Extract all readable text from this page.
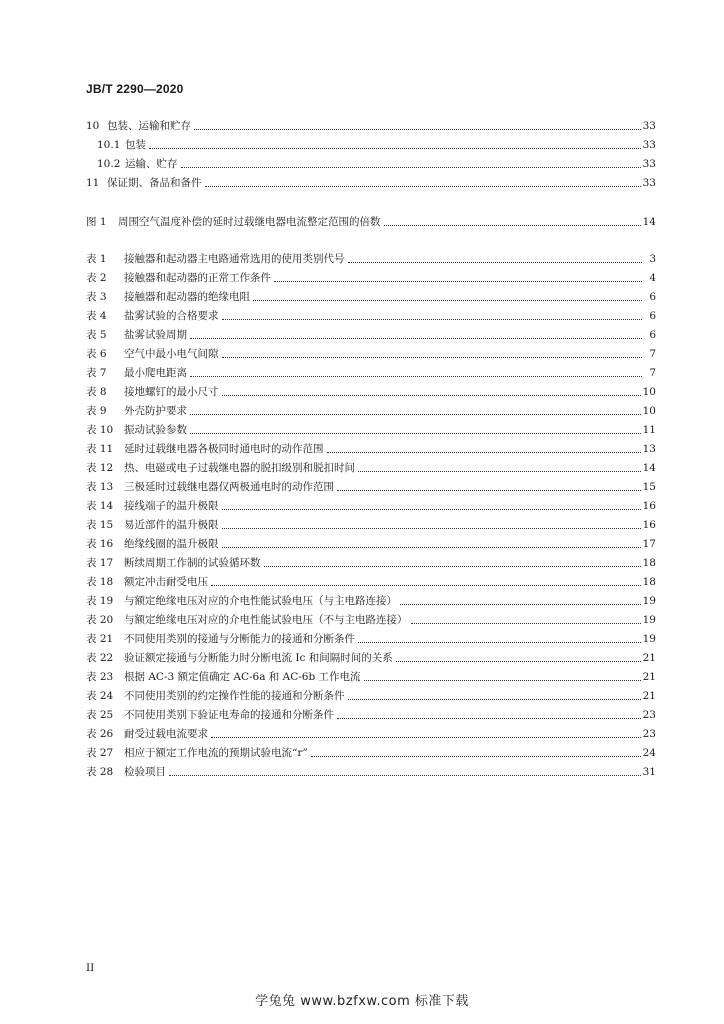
JB/T 2290—2020
10 包装、运输和贮存	33
10.1 包装	33
10.2 运输、贮存	33
11 保证期、备品和备件	33
图 1 周围空气温度补偿的延时过载继电器电流整定范围的倍数	14
表 1 接触器和起动器主电路通常选用的使用类别代号	3
表 2 接触器和起动器的正常工作条件	4
表 3 接触器和起动器的绝缘电阻	6
表 4 盐雾试验的合格要求	6
表 5 盐雾试验周期	6
表 6 空气中最小电气间隙	7
表 7 最小爬电距离	7
表 8 接地螺钉的最小尺寸	10
表 9 外壳防护要求	10
表 10 振动试验参数	11
表 11 延时过载继电器各极同时通电时的动作范围	13
表 12 热、电磁或电子过载继电器的脱扣级别和脱扣时间	14
表 13 三极延时过载继电器仅两极通电时的动作范围	15
表 14 接线端子的温升极限	16
表 15 易近部件的温升极限	16
表 16 绝缘线圈的温升极限	17
表 17 断续周期工作制的试验循环数	18
表 18 额定冲击耐受电压	18
表 19 与额定绝缘电压对应的介电性能试验电压（与主电路连接）	19
表 20 与额定绝缘电压对应的介电性能试验电压（不与主电路连接）	19
表 21 不同使用类别的接通与分断能力的接通和分断条件	19
表 22 验证额定接通与分断能力时分断电流 Ic 和间隔时间的关系	21
表 23 根据 AC-3 额定值确定 AC-6a 和 AC-6b 工作电流	21
表 24 不同使用类别的约定操作性能的接通和分断条件	21
表 25 不同使用类别下验证电寿命的接通和分断条件	23
表 26 耐受过载电流要求	23
表 27 相应于额定工作电流的预期试验电流“r”	24
表 28 检验项目	31
II
学兔兔 www.bzfxw.com 标准下载
